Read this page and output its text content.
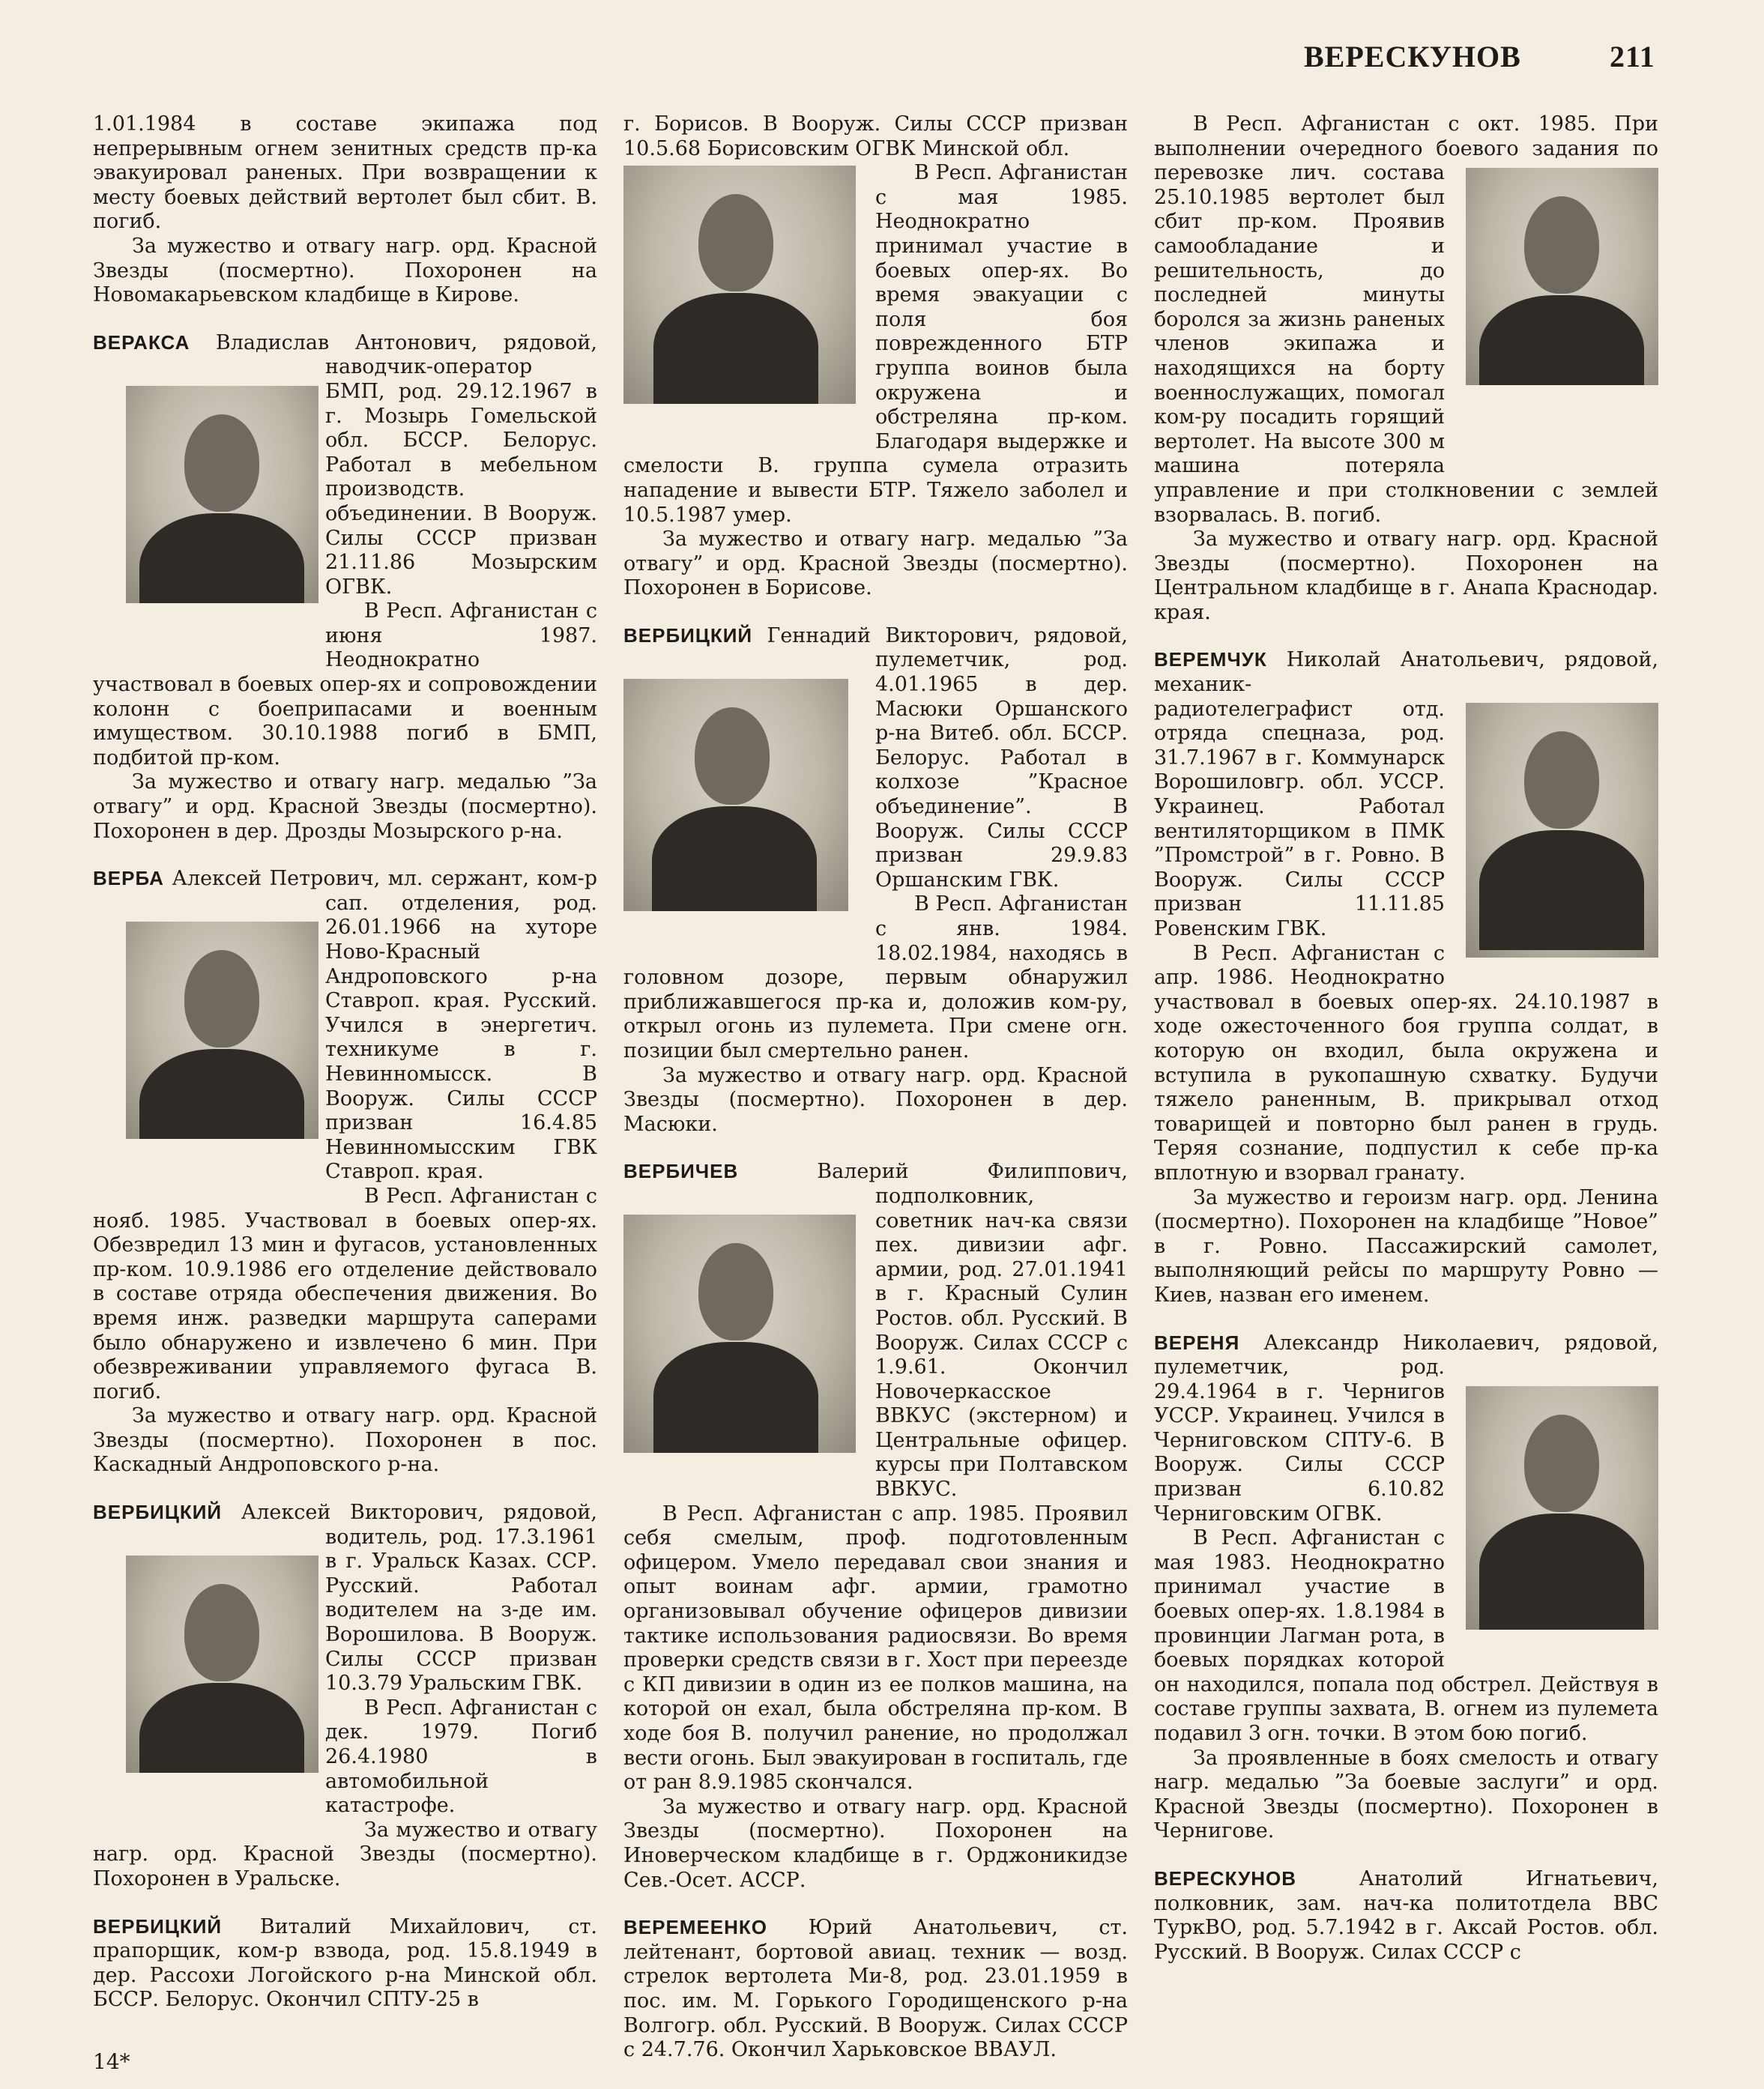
ВЕРЕСКУНОВ	211

1.01.1984 в составе экипажа под непрерывным огнем зенитных средств пр-ка эвакуировал раненых. При возвращении к месту боевых действий вертолет был сбит. В. погиб.

За мужество и отвагу нагр. орд. Красной Звезды (посмертно). Похоронен на Новомакарьевском кладбище в Кирове.

ВЕРАКСА Владислав Антонович, рядовой, наводчик-оператор БМП, род. 29.12.1967 в г. Мозырь Гомельской обл. БССР. Белорус. Работал в мебельном производств. объединении. В Вооруж. Силы СССР призван 21.11.86 Мозырским ОГВК.

В Респ. Афганистан с июня 1987. Неоднократно участвовал в боевых опер-ях и сопровождении колонн с боеприпасами и военным имуществом. 30.10.1988 погиб в БМП, подбитой пр-ком.

За мужество и отвагу нагр. медалью ”За отвагу” и орд. Красной Звезды (посмертно). Похоронен в дер. Дрозды Мозырского р-на.

ВЕРБА Алексей Петрович, мл. сержант, ком-р сап. отделения, род. 26.01.1966 на хуторе Ново-Красный Андроповского р-на Ставроп. края. Русский. Учился в энергетич. техникуме в г. Невинномысск. В Вооруж. Силы СССР призван 16.4.85 Невинномысским ГВК Ставроп. края.

В Респ. Афганистан с нояб. 1985. Участвовал в боевых опер-ях. Обезвредил 13 мин и фугасов, установленных пр-ком. 10.9.1986 его отделение действовало в составе отряда обеспечения движения. Во время инж. разведки маршрута саперами было обнаружено и извлечено 6 мин. При обезвреживании управляемого фугаса В. погиб.

За мужество и отвагу нагр. орд. Красной Звезды (посмертно). Похоронен в пос. Каскадный Андроповского р-на.

ВЕРБИЦКИЙ Алексей Викторович, рядовой, водитель, род. 17.3.1961 в г. Уральск Казах. ССР. Русский. Работал водителем на з-де им. Ворошилова. В Вооруж. Силы СССР призван 10.3.79 Уральским ГВК.

В Респ. Афганистан с дек. 1979. Погиб 26.4.1980 в автомобильной катастрофе.

За мужество и отвагу нагр. орд. Красной Звезды (посмертно). Похоронен в Уральске.

ВЕРБИЦКИЙ Виталий Михайлович, ст. прапорщик, ком-р взвода, род. 15.8.1949 в дер. Рассохи Логойского р-на Минской обл. БССР. Белорус. Окончил СПТУ-25 в

г. Борисов. В Вооруж. Силы СССР призван 10.5.68 Борисовским ОГВК Минской обл.

В Респ. Афганистан с мая 1985. Неоднократно принимал участие в боевых опер-ях. Во время эвакуации с поля боя поврежденного БТР группа воинов была окружена и обстреляна пр-ком. Благодаря выдержке и смелости В. группа сумела отразить нападение и вывести БТР. Тяжело заболел и 10.5.1987 умер.

За мужество и отвагу нагр. медалью ”За отвагу” и орд. Красной Звезды (посмертно). Похоронен в Борисове.

ВЕРБИЦКИЙ Геннадий Викторович, рядовой, пулеметчик, род. 4.01.1965 в дер. Масюки Оршанского р-на Витеб. обл. БССР. Белорус. Работал в колхозе ”Красное объединение”. В Вооруж. Силы СССР призван 29.9.83 Оршанским ГВК.

В Респ. Афганистан с янв. 1984. 18.02.1984, находясь в головном дозоре, первым обнаружил приближавшегося пр-ка и, доложив ком-ру, открыл огонь из пулемета. При смене огн. позиции был смертельно ранен.

За мужество и отвагу нагр. орд. Красной Звезды (посмертно). Похоронен в дер. Масюки.

ВЕРБИЧЕВ	Валерий Филиппович, подполковник, советник нач-ка связи пех. дивизии афг. армии, род. 27.01.1941 в г. Красный Сулин Ростов. обл. Русский. В Вооруж. Силах СССР с 1.9.61. Окончил Новочеркасское ВВКУС (экстерном) и Центральные офицер. курсы при Полтавском ВВКУС.

В Респ. Афганистан с апр. 1985. Проявил себя смелым, проф. подготовленным офицером. Умело передавал свои знания и опыт воинам афг. армии, грамотно организовывал обучение офицеров дивизии тактике использования радиосвязи. Во время проверки средств связи в г. Хост при переезде с КП дивизии в один из ее полков машина, на которой он ехал, была обстреляна пр-ком. В ходе боя В. получил ранение, но продолжал вести огонь. Был эвакуирован в госпиталь, где от ран 8.9.1985 скончался.

За мужество и отвагу нагр. орд. Красной Звезды (посмертно). Похоронен на Иноверческом кладбище в г. Орджоникидзе Сев.-Осет. АССР.

ВЕРЕМЕЕНКО Юрий Анатольевич, ст. лейтенант, бортовой авиац. техник — возд. стрелок вертолета Ми-8, род. 23.01.1959 в пос. им. М. Горького Городищенского р-на Волгогр. обл. Русский. В Вооруж. Силах СССР с 24.7.76. Окончил Харьковское ВВАУЛ.

В Респ. Афганистан с окт. 1985. При выполнении очередного боевого задания по перевозке лич. состава 25.10.1985 вертолет был сбит пр-ком. Проявив самообладание и решительность, до последней минуты боролся за жизнь раненых членов экипажа и находящихся на борту военнослужащих, помогал ком-ру посадить горящий вертолет. На высоте 300 м машина потеряла управление и при столкновении с землей взорвалась. В. погиб.

За мужество и отвагу нагр. орд. Красной Звезды (посмертно). Похоронен на Центральном кладбище в г. Анапа Краснодар. края.

ВЕРЕМЧУК Николай Анатольевич, рядовой, механик-радиотелеграфист отд. отряда спецназа, род. 31.7.1967 в г. Коммунарск Ворошиловгр. обл. УССР. Украинец. Работал вентиляторщиком в ПМК ”Промстрой” в г. Ровно. В Вооруж. Силы СССР призван 11.11.85 Ровенским ГВК.

В Респ. Афганистан с апр. 1986. Неоднократно участвовал в боевых опер-ях. 24.10.1987 в ходе ожесточенного боя группа солдат, в которую он входил, была окружена и вступила в рукопашную схватку. Будучи тяжело раненным, В. прикрывал отход товарищей и повторно был ранен в грудь. Теряя сознание, подпустил к себе пр-ка вплотную и взорвал гранату.

За мужество и героизм нагр. орд. Ленина (посмертно). Похоронен на кладбище ”Новое” в г. Ровно. Пассажирский самолет, выполняющий рейсы по маршруту Ровно — Киев, назван его именем.

ВЕРЕНЯ Александр Николаевич, рядовой, пулеметчик, род. 29.4.1964 в г. Чернигов УССР. Украинец. Учился в Черниговском СПТУ-6. В Вооруж. Силы СССР призван 6.10.82 Черниговским ОГВК.

В Респ. Афганистан с мая 1983. Неоднократно принимал участие в боевых опер-ях. 1.8.1984 в провинции Лагман рота, в боевых порядках которой он находился, попала под обстрел. Действуя в составе группы захвата, В. огнем из пулемета подавил 3 огн. точки. В этом бою погиб.

За проявленные в боях смелость и отвагу нагр. медалью ”За боевые заслуги” и орд. Красной Звезды (посмертно). Похоронен в Чернигове.

ВЕРЕСКУНОВ	Анатолий Игнатьевич, полковник, зам. нач-ка политотдела ВВС ТуркВО, род. 5.7.1942 в г. Аксай Ростов. обл. Русский. В Вооруж. Силах СССР с

14*
